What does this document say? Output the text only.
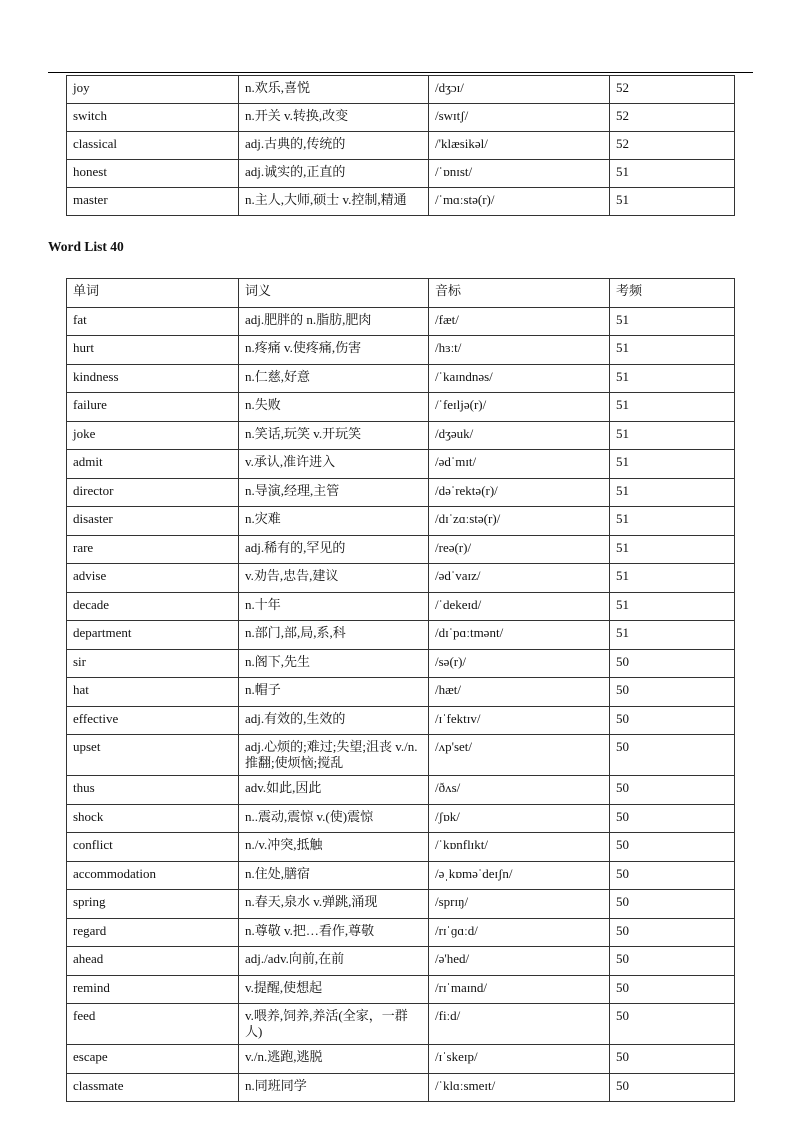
joy	n.欢乐,喜悦	/dʒɔɪ/	52
switch	n.开关 v.转换,改变	/swɪtʃ/	52
classical	adj.古典的,传统的	/'klæsikəl/	52
honest	adj.诚实的,正直的	/ˈɒnɪst/	51
master	n.主人,大师,硕士 v.控制,精通	/ˈmɑːstə(r)/	51
Word List 40
单词	词义	音标	考频
fat	adj.肥胖的 n.脂肪,肥肉	/fæt/	51
hurt	n.疼痛 v.使疼痛,伤害	/hɜːt/	51
kindness	n.仁慈,好意	/ˈkaɪndnəs/	51
failure	n.失败	/ˈfeɪljə(r)/	51
joke	n.笑话,玩笑 v.开玩笑	/dʒəuk/	51
admit	v.承认,准许进入	/ədˈmɪt/	51
director	n.导演,经理,主管	/dəˈrektə(r)/	51
disaster	n.灾难	/dɪˈzɑːstə(r)/	51
rare	adj.稀有的,罕见的	/reə(r)/	51
advise	v.劝告,忠告,建议	/ədˈvaɪz/	51
decade	n.十年	/ˈdekeɪd/	51
department	n.部门,部,局,系,科	/dɪˈpɑːtmənt/	51
sir	n.阁下,先生	/sə(r)/	50
hat	n.帽子	/hæt/	50
effective	adj.有效的,生效的	/ɪˈfektɪv/	50
upset	adj.心烦的;难过;失望;沮丧 v./n.推翻;使烦恼;搅乱	/ʌp'set/	50
thus	adv.如此,因此	/ðʌs/	50
shock	n..震动,震惊 v.(使)震惊	/ʃɒk/	50
conflict	n./v.冲突,抵触	/ˈkɒnflɪkt/	50
accommodation	n.住处,膳宿	/əˌkɒməˈdeɪʃn/	50
spring	n.春天,泉水 v.弹跳,涌现	/sprɪŋ/	50
regard	n.尊敬 v.把…看作,尊敬	/rɪˈɡɑːd/	50
ahead	adj./adv.向前,在前	/ə'hed/	50
remind	v.提醒,使想起	/rɪˈmaɪnd/	50
feed	v.喂养,饲养,养活(全家，一群人)	/fiːd/	50
escape	v./n.逃跑,逃脱	/ɪˈskeɪp/	50
classmate	n.同班同学	/ˈklɑːsmeɪt/	50
